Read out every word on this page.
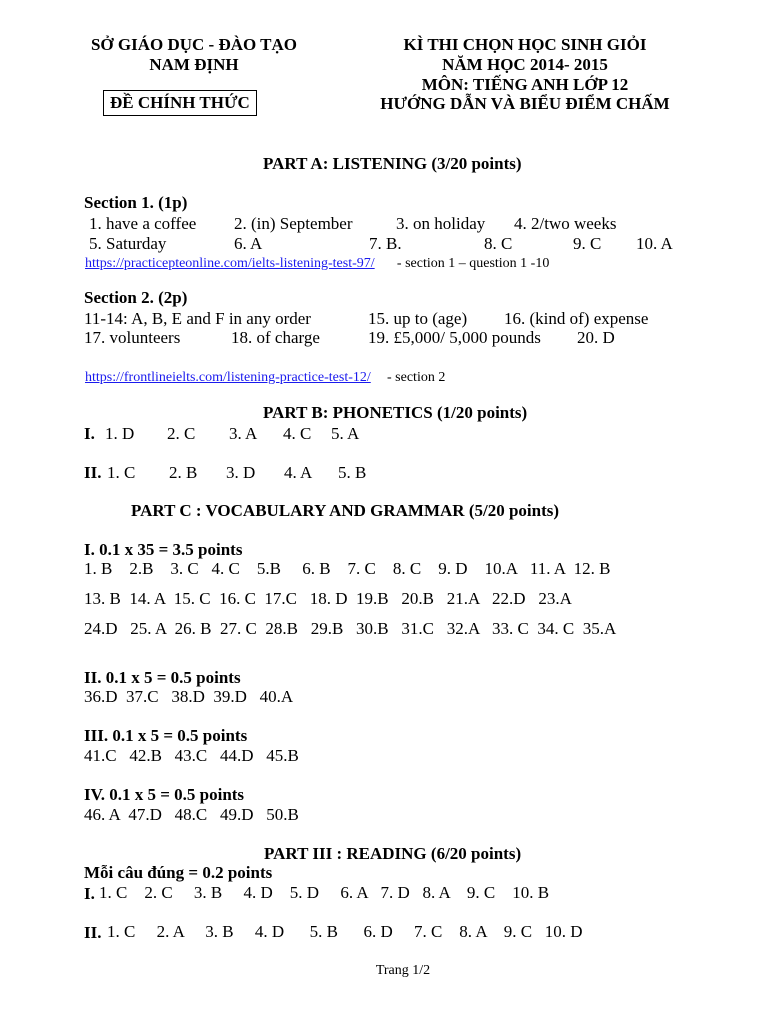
SỞ GIÁO DỤC - ĐÀO TẠO
NAM ĐỊNH
ĐỀ CHÍNH THỨC
KÌ THI CHỌN HỌC SINH GIỎI
NĂM HỌC 2014- 2015
MÔN: TIẾNG ANH LỚP 12
HƯỚNG DẪN VÀ BIỂU ĐIỂM CHẤM
PART A: LISTENING (3/20 points)
Section 1. (1p)
1. have a coffee 2. (in) September	3. on holiday 4. 2/two weeks
5. Saturday	6. A	7. B.	8. C	9. C 10. A
https://practicepteonline.com/ielts-listening-test-97/ - section 1 – question 1 -10
Section 2. (2p)
11-14: A, B, E and F in any order	15. up to (age) 16. (kind of) expense
17. volunteers	18. of charge	19. £5,000/ 5,000 pounds 20. D
https://frontlineielts.com/listening-practice-test-12/ - section 2
PART B: PHONETICS (1/20 points)
I. 1. D 2. C 3. A 4. C 5. A
II. 1. C 2. B 3. D 4. A 5. B
PART C : VOCABULARY AND GRAMMAR (5/20 points)
I. 0.1 x 35 = 3.5 points
1. B    2.B    3. C   4. C    5.B     6. B    7. C    8. C    9. D    10.A   11. A  12. B
13. B  14. A  15. C  16. C  17.C   18. D  19.B   20.B   21.A   22.D   23.A
24.D   25. A  26. B  27. C  28.B   29.B   30.B   31.C   32.A   33. C  34. C  35.A
II. 0.1 x 5 = 0.5 points
36.D  37.C   38.D  39.D   40.A
III. 0.1 x 5 = 0.5 points
41.C   42.B   43.C   44.D   45.B
IV. 0.1 x 5 = 0.5 points
46. A  47.D   48.C   49.D   50.B
PART III : READING (6/20 points)
Mỗi câu đúng = 0.2 points
I. 1. C    2. C     3. B     4. D    5. D     6. A   7. D   8. A    9. C    10. B
II. 1. C     2. A     3. B     4. D      5. B      6. D     7. C    8. A    9. C   10. D
Trang 1/2
